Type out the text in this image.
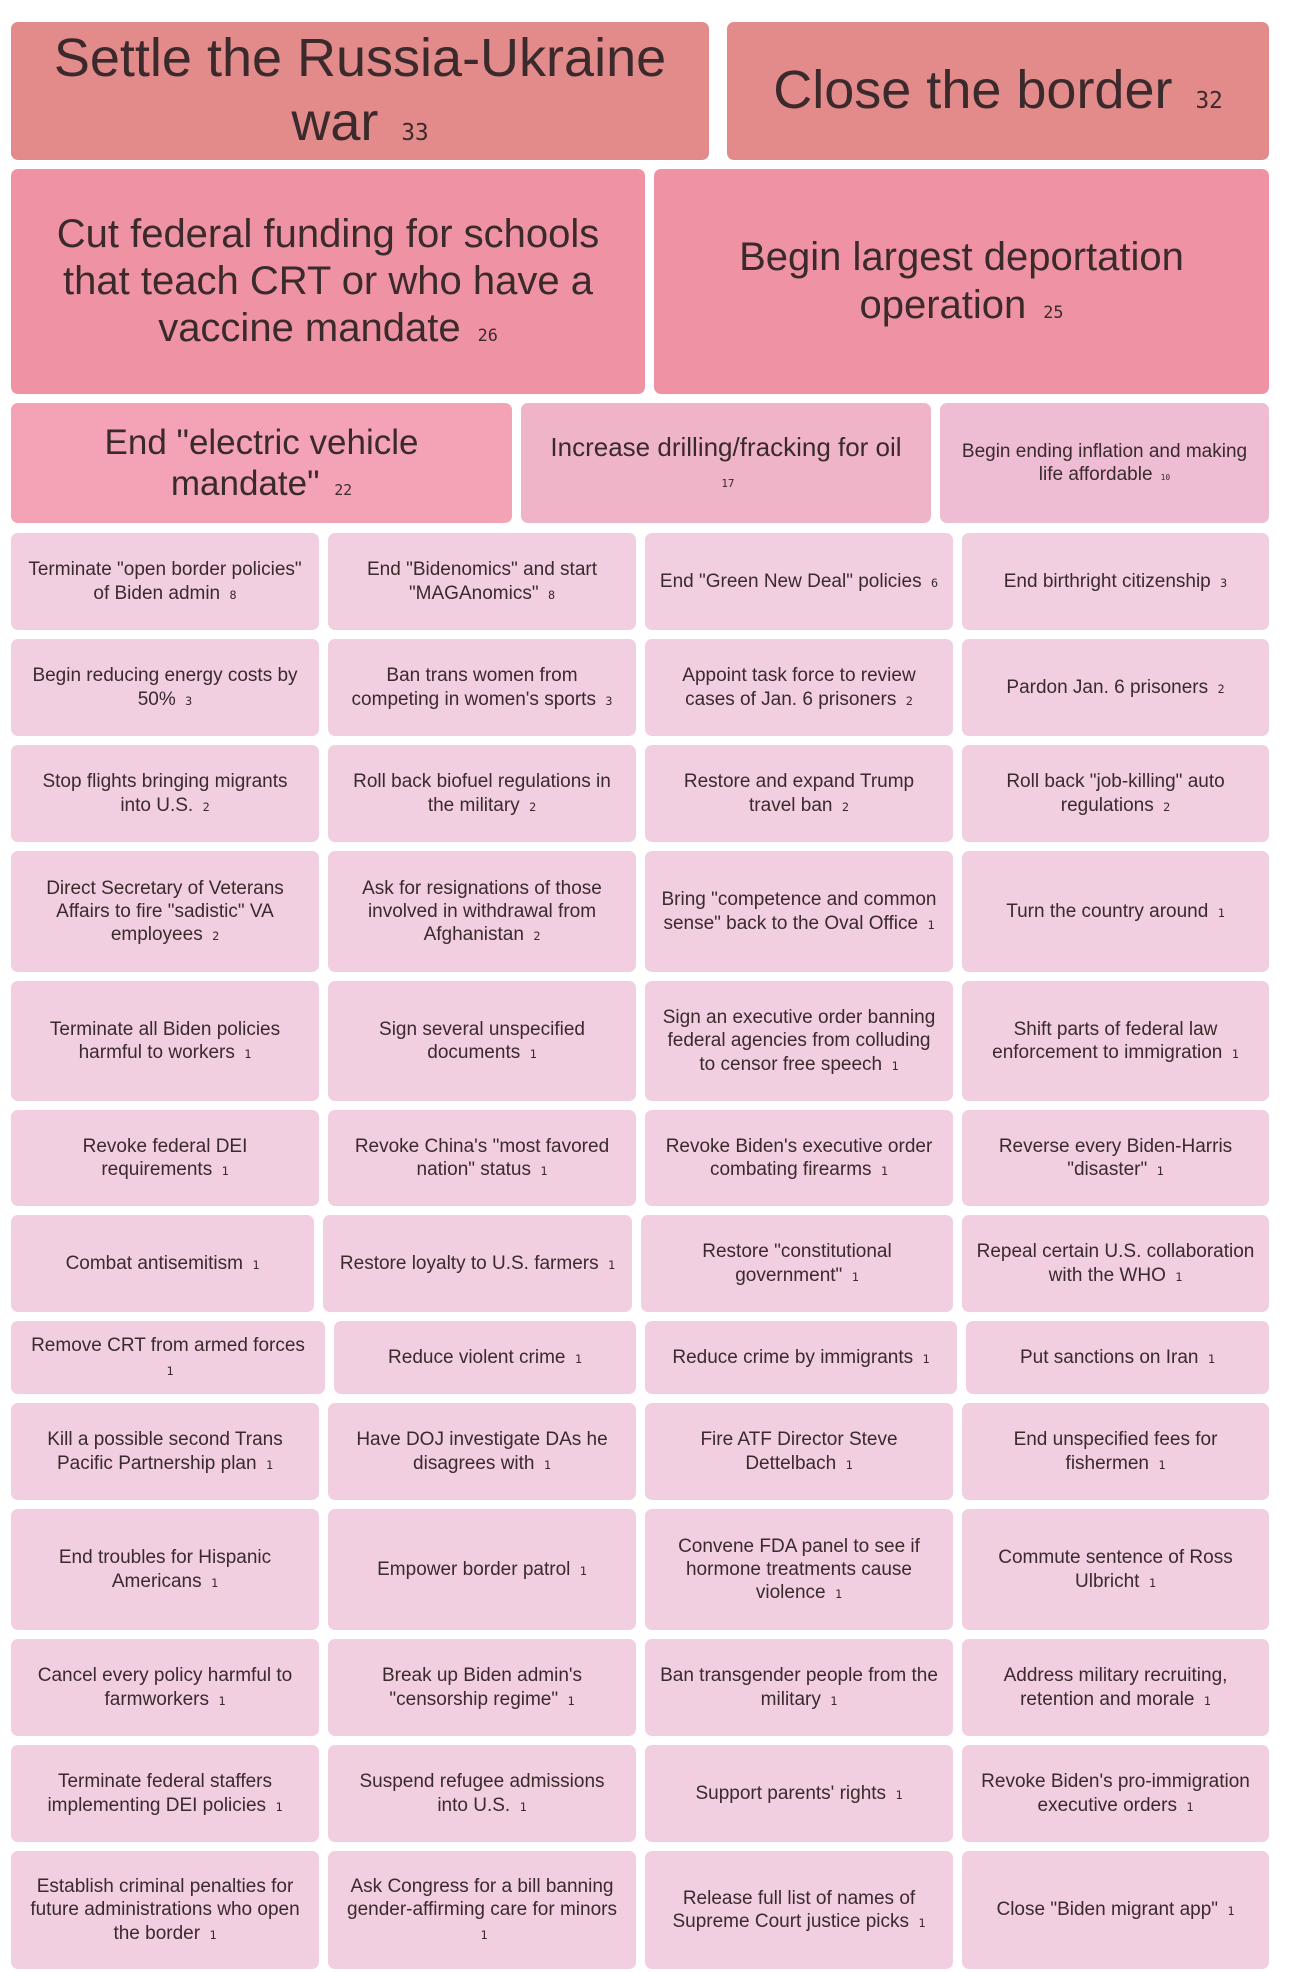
Settle the Russia-Ukraine war 33
Close the border 32
Cut federal funding for schools that teach CRT or who have a vaccine mandate 26
Begin largest deportation operation 25
End "electric vehicle mandate" 22
Increase drilling/fracking for oil 17
Begin ending inflation and making life affordable 10
Terminate "open border policies" of Biden admin 8
End "Bidenomics" and start "MAGAnomics" 8
End "Green New Deal" policies 6	End birthright citizenship 3
Begin reducing energy costs by 50% 3
Ban trans women from competing in women's sports 3
Appoint task force to review cases of Jan. 6 prisoners 2
Pardon Jan. 6 prisoners 2
Stop flights bringing migrants into U.S. 2
Roll back biofuel regulations in the military 2
Restore and expand Trump travel ban 2
Roll back "job-killing" auto regulations 2
Direct Secretary of Veterans Affairs to fire "sadistic" VA employees 2
Ask for resignations of those involved in withdrawal from Afghanistan 2
Bring "competence and common sense" back to the Oval Office 1
Turn the country around 1
Terminate all Biden policies harmful to workers 1
Sign several unspecified documents 1
Sign an executive order banning federal agencies from colluding to censor free speech 1
Shift parts of federal law enforcement to immigration 1
Revoke federal DEI requirements 1
Revoke China's "most favored nation" status 1
Revoke Biden's executive order combating firearms 1
Reverse every Biden-Harris "disaster" 1
Combat antisemitism 1	Restore loyalty to U.S. farmers 1
Restore "constitutional government" 1
Repeal certain U.S. collaboration with the WHO 1
Remove CRT from armed forces 1
Reduce violent crime 1	Reduce crime by immigrants 1	Put sanctions on Iran 1
Kill a possible second Trans Pacific Partnership plan 1
Have DOJ investigate DAs he disagrees with 1
Fire ATF Director Steve Dettelbach 1
End unspecified fees for fishermen 1
End troubles for Hispanic Americans 1
Empower border patrol 1
Convene FDA panel to see if hormone treatments cause violence 1
Commute sentence of Ross Ulbricht 1
Cancel every policy harmful to farmworkers 1
Break up Biden admin's "censorship regime" 1
Ban transgender people from the military 1
Address military recruiting, retention and morale 1
Terminate federal staffers implementing DEI policies 1
Suspend refugee admissions into U.S. 1
Support parents' rights 1
Revoke Biden's pro-immigration executive orders 1
Establish criminal penalties for future administrations who open the border 1
Ask Congress for a bill banning gender-affirming care for minors 1
Release full list of names of Supreme Court justice picks 1
Close "Biden migrant app" 1
